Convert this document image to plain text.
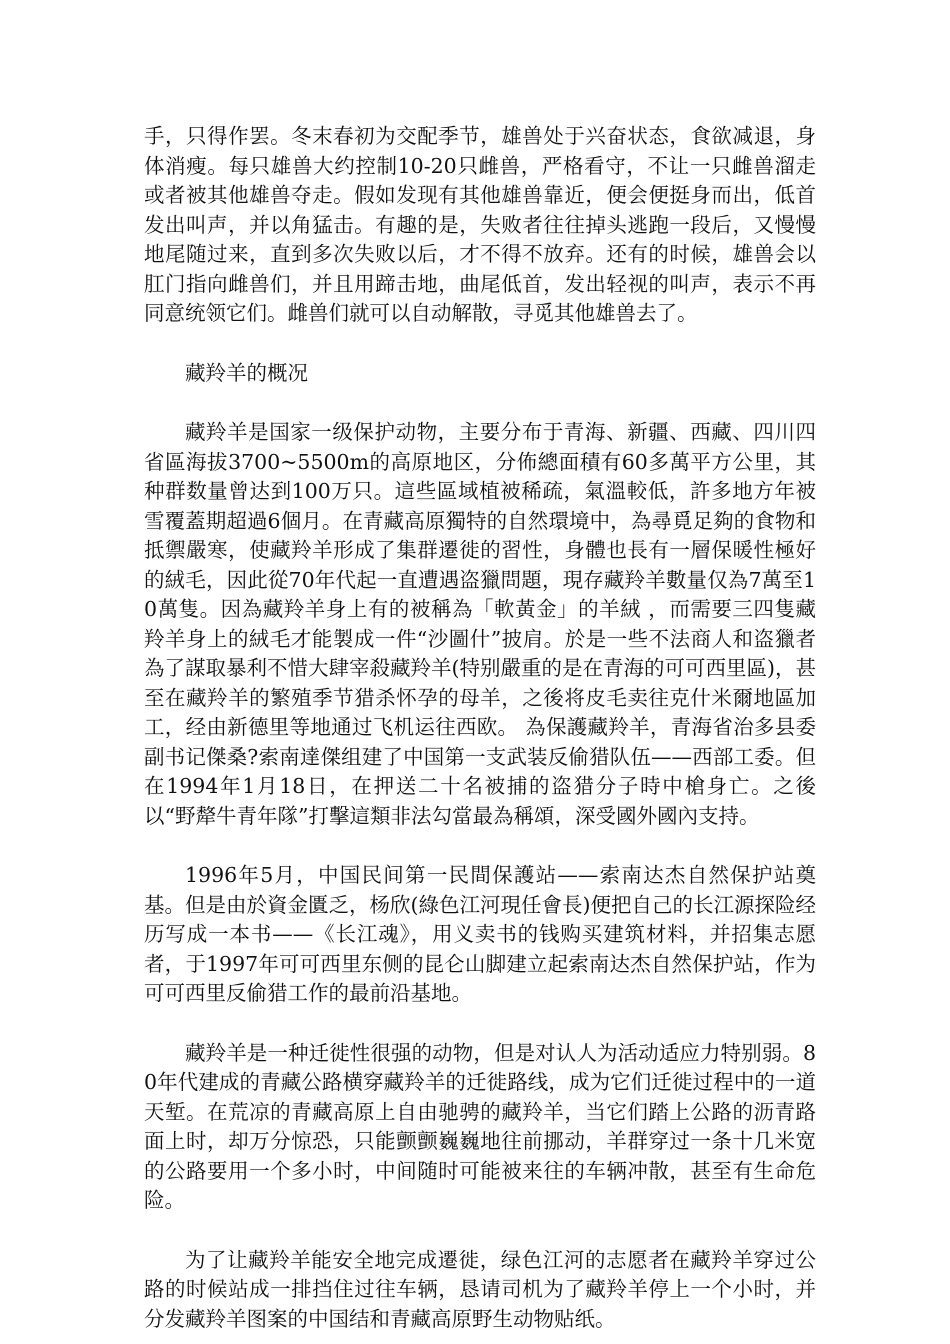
手，只得作罢。冬末春初为交配季节，雄兽处于兴奋状态，食欲减退，身体消瘦。每只雄兽大约控制10-20只雌兽，严格看守，不让一只雌兽溜走或者被其他雄兽夺走。假如发现有其他雄兽靠近，便会便挺身而出，低首发出叫声，并以角猛击。有趣的是，失败者往往掉头逃跑一段后，又慢慢地尾随过来，直到多次失败以后，才不得不放弃。还有的时候，雄兽会以肛门指向雌兽们，并且用蹄击地，曲尾低首，发出轻视的叫声，表示不再同意统领它们。雌兽们就可以自动解散，寻觅其他雄兽去了。

藏羚羊的概况

藏羚羊是国家一级保护动物，主要分布于青海、新疆、西藏、四川四省區海拔3700~5500m的高原地区，分佈總面積有60多萬平方公里，其种群数量曾达到100万只。這些區域植被稀疏，氣溫較低，許多地方年被雪覆蓋期超過6個月。在青藏高原獨特的自然環境中，為尋覓足夠的食物和抵禦嚴寒，使藏羚羊形成了集群遷徙的習性，身體也長有一層保暖性極好的絨毛，因此從70年代起一直遭遇盗獵問題，現存藏羚羊數量仅為7萬至10萬隻。因為藏羚羊身上有的被稱為「軟黃金」的羊絨 ，而需要三四隻藏羚羊身上的絨毛才能製成一件“沙圖什”披肩。於是一些不法商人和盗獵者為了謀取暴利不惜大肆宰殺藏羚羊(特别嚴重的是在青海的可可西里區)，甚至在藏羚羊的繁殖季节猎杀怀孕的母羊，之後将皮毛卖往克什米爾地區加工，经由新德里等地通过飞机运往西欧。 為保護藏羚羊，青海省治多县委副书记傑桑?索南達傑组建了中国第一支武装反偷猎队伍——西部工委。但在1994年1月18日，在押送二十名被捕的盗猎分子時中槍身亡。之後以“野犛牛青年隊”打擊這類非法勾當最為稱頌，深受國外國內支持。

1996年5月，中国民间第一民間保護站——索南达杰自然保护站奠基。但是由於資金匱乏，杨欣(綠色江河現任會長)便把自己的长江源探险经历写成一本书——《长江魂》，用义卖书的钱购买建筑材料，并招集志愿者，于1997年可可西里东侧的昆仑山脚建立起索南达杰自然保护站，作为可可西里反偷猎工作的最前沿基地。

藏羚羊是一种迁徙性很强的动物，但是对认人为活动适应力特别弱。80年代建成的青藏公路横穿藏羚羊的迁徙路线，成为它们迁徙过程中的一道天堑。在荒凉的青藏高原上自由驰骋的藏羚羊，当它们踏上公路的沥青路面上时，却万分惊恐，只能颤颤巍巍地往前挪动，羊群穿过一条十几米宽的公路要用一个多小时，中间随时可能被来往的车辆冲散，甚至有生命危险。

为了让藏羚羊能安全地完成遷徙，绿色江河的志愿者在藏羚羊穿过公路的时候站成一排挡住过往车辆，恳请司机为了藏羚羊停上一个小时，并分发藏羚羊图案的中国结和青藏高原野生动物贴纸。
